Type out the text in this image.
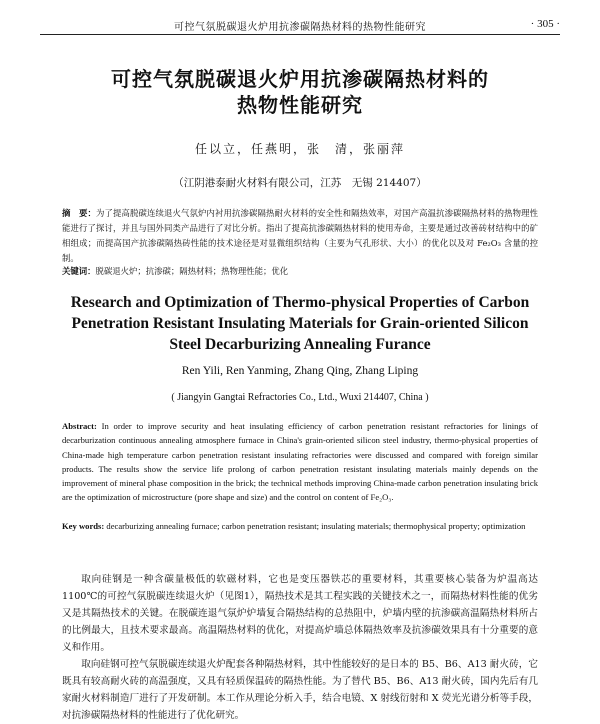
可控气氛脱碳退火炉用抗渗碳隔热材料的热物性能研究	· 305 ·
可控气氛脱碳退火炉用抗渗碳隔热材料的
热物性能研究
任以立，任燕明，张　清，张丽萍
（江阴港泰耐火材料有限公司，江苏　无锡 214407）
摘　要：为了提高脱碳连续退火气氛炉内衬用抗渗碳隔热耐火材料的安全性和隔热效率，对国产高温抗渗碳隔热材料的热物理性能进行了探讨，并且与国外同类产品进行了对比分析。指出了提高抗渗碳隔热材料的使用寿命，主要是通过改善砖材结构中的矿相组成；而提高国产抗渗碳隔热砖性能的技术途径是对显微组织结构（主要为气孔形状、大小）的优化以及对 Fe₂O₃ 含量的控制。
关键词：脱碳退火炉；抗渗碳；隔热材料；热物理性能；优化
Research and Optimization of Thermo-physical Properties of Carbon
Penetration Resistant Insulating Materials for Grain-oriented Silicon
Steel Decarburizing Annealing Furance
Ren Yili, Ren Yanming, Zhang Qing, Zhang Liping
( Jiangyin Gangtai Refractories Co., Ltd., Wuxi 214407, China )
Abstract: In order to improve security and heat insulating efficiency of carbon penetration resistant refractories for linings of decarburization continuous annealing atmosphere furnace in China's grain-oriented silicon steel industry, thermo-physical properties of China-made high temperature carbon penetration resistant insulating refractories were discussed and compared with foreign similar products. The results show the service life prolong of carbon penetration resistant insulating materials mainly depends on the improvement of mineral phase composition in the brick; the technical methods improving China-made carbon penetration insulating brick are the optimization of microstructure (pore shape and size) and the control on content of Fe₂O₃.
Key words: decarburizing annealing furnace; carbon penetration resistant; insulating materials; thermophysical property; optimization

取向硅钢是一种含碳量极低的软磁材料，它也是变压器铁芯的重要材料，其重要核心装备为炉温高达1100℃的可控气氛脱碳连续退火炉（见图1），隔热技术是其工程实践的关键技术之一，而隔热材料性能的优劣又是其隔热技术的关键。在脱碳连退气氛炉炉墙复合隔热结构的总热阻中，炉墙内壁的抗渗碳高温隔热材料所占的比例最大，且技术要求最高。高温隔热材料的优化，对提高炉墙总体隔热效率及抗渗碳效果具有十分重要的意义和作用。

取向硅钢可控气氛脱碳连续退火炉配套各种隔热材料，其中性能较好的是日本的 B5、B6、A13 耐火砖，它既具有较高耐火砖的高温强度，又具有轻质保温砖的隔热性能。为了替代 B5、B6、A13 耐火砖，国内先后有几家耐火材料制造厂进行了开发研制。本工作从理论分析入手，结合电镜、X 射线衍射和 X 荧光光谱分析等手段，对抗渗碳隔热材料的性能进行了优化研究。
